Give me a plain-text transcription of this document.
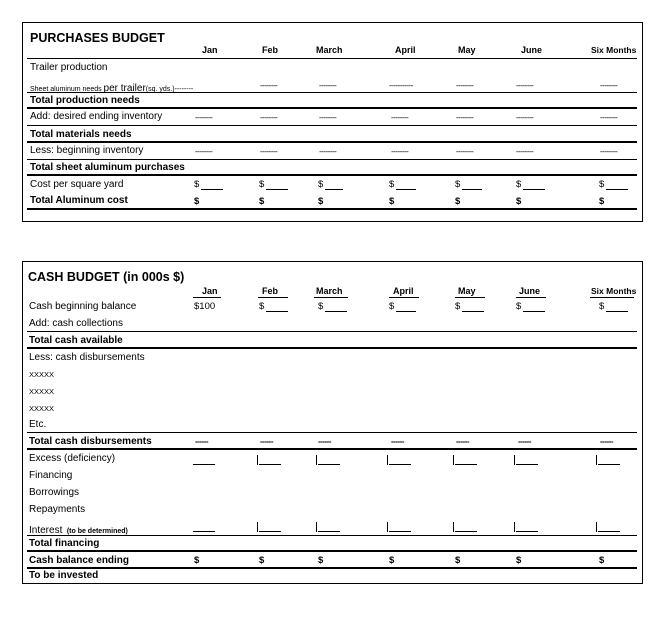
PURCHASES BUDGET
Jan	Feb	March	April	May	June	Six Months
Trailer production
Sheet aluminum needs per trailer(sq. yds.)--------	--------	--------	-----------	--------	--------	--------
Total production needs
Add: desired ending inventory	--------	--------	--------	--------	--------	--------	--------
Total materials needs
Less: beginning inventory	--------	--------	--------	--------	--------	--------	--------
Total sheet aluminum purchases
Cost per square yard	$	$	$	$	$	$	$
Total Aluminum cost	$	$	$	$	$	$	$
CASH BUDGET (in 000s $)
Jan	Feb	March	April	May	June	Six Months
Cash beginning balance	$100	$	$	$	$	$	$
Add: cash collections
Total cash available
Less: cash disbursements
XXXXX
XXXXX
XXXXX
Etc.
Total cash disbursements	------	------	------	------	------	------	------
Excess (deficiency)
Financing
Borrowings
Repayments
Interest (to be determined)
Total financing
Cash balance ending	$	$	$	$	$	$	$
To be invested
